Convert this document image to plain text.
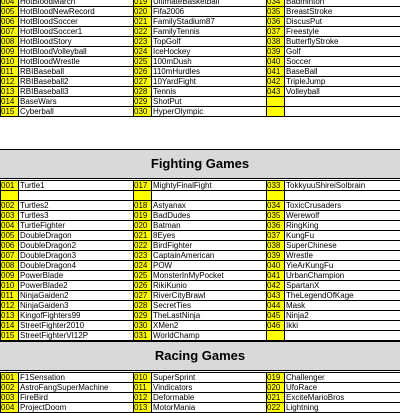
004 HotBloodMarch	019 UltimateBasketball	034 Badminton
005 HotBloodNewRecord	020 Fifa2006	035 BreastStroke
006 HotBloodSoccer	021 FamilyStadium87	036 DiscusPut
007 HotBloodSoccer1	022 FamilyTennis	037 Freestyle
008 HotBloodStory	023 TopGolf	038 ButterflyStroke
009 HotBloodVolleyball	024 IceHockey	039 Golf
010 HotBloodWrestle	025 100mDush	040 Soccer
011 RBIBaseball	026 110mHurdles	041 BaseBall
012 RBIBaseball2	027 10YardFight	042 TripleJump
013 RBIBaseball3	028 Tennis	043 Volleyball
014 BaseWars	029 ShotPut
015 Cyberball	030 HyperOlympic
Fighting Games
001 Turtle1	017 MightyFinalFight	033 TokkyuuShireiSolbrain
002 Turtles2	018 Astyanax	034 ToxicCrusaders
003 Turtles3	019 BadDudes	035 Werewolf
004 TurtleFighter	020 Batman	036 RingKing
005 DoubleDragon	021 8Eyes	037 KungFu
006 DoubleDragon2	022 BirdFighter	038 SuperChinese
007 DoubleDragon3	023 CaptainAmerican	039 Wrestle
008 DoubleDragon4	024 POW	040 YieArKungFu
009 PowerBlade	025 MonsterInMyPocket	041 UrbanChampion
010 PowerBlade2	026 RikiKunio	042 SpartanX
011 NinjaGaiden2	027 RiverCityBrawl	043 TheLegendOfKage
012 NinjaGaiden3	028 SecretTies	044 Mask
013 KingofFighters99	029 TheLastNinja	045 Ninja2
014 StreetFighter2010	030 XMen2	046 Ikki
015 StreetFighterVI12P	031 WorldChamp
Racing Games
001 F1Sensation	010 SuperSprint	019 Challenger
002 AstroFangSuperMachine	011 Vindicators	020 UfoRace
003 FireBird	012 Deformable	021 ExciteMarioBros
004 ProjectDoom	013 MotorMania	022 Lightning
